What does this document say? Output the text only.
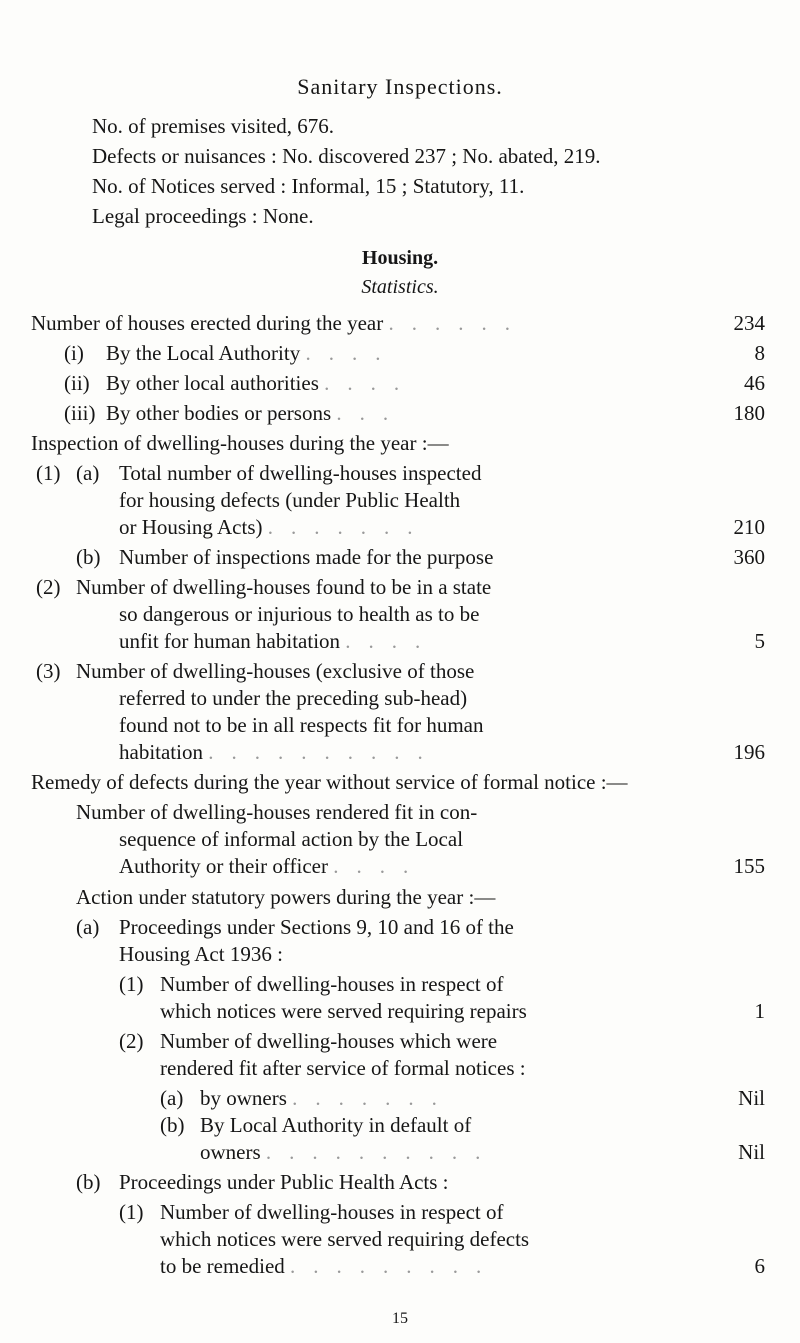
Sanitary Inspections.
No. of premises visited, 676.
Defects or nuisances : No. discovered 237 ; No. abated, 219.
No. of Notices served : Informal, 15 ; Statutory, 11.
Legal proceedings : None.
Housing.
Statistics.
Number of houses erected during the year ......	234
(i) By the Local Authority ....	8
(ii) By other local authorities ....	46
(iii) By other bodies or persons ...	180
Inspection of dwelling-houses during the year :—
(1) (a) Total number of dwelling-houses inspected
for housing defects (under Public Health
or Housing Acts) .......	210
(b) Number of inspections made for the purpose	360
(2) Number of dwelling-houses found to be in a state
so dangerous or injurious to health as to be
unfit for human habitation ....	5
(3) Number of dwelling-houses (exclusive of those
referred to under the preceding sub-head)
found not to be in all respects fit for human
habitation ..........	196
Remedy of defects during the year without service of formal notice :—
Number of dwelling-houses rendered fit in con-
sequence of informal action by the Local
Authority or their officer ....	155
Action under statutory powers during the year :—
(a) Proceedings under Sections 9, 10 and 16 of the
Housing Act 1936 :
(1) Number of dwelling-houses in respect of
which notices were served requiring repairs	1
(2) Number of dwelling-houses which were
rendered fit after service of formal notices :
(a) by owners .......	Nil
(b) By Local Authority in default of
owners ..........	Nil
(b) Proceedings under Public Health Acts :
(1) Number of dwelling-houses in respect of
which notices were served requiring defects
to be remedied .........	6
15
